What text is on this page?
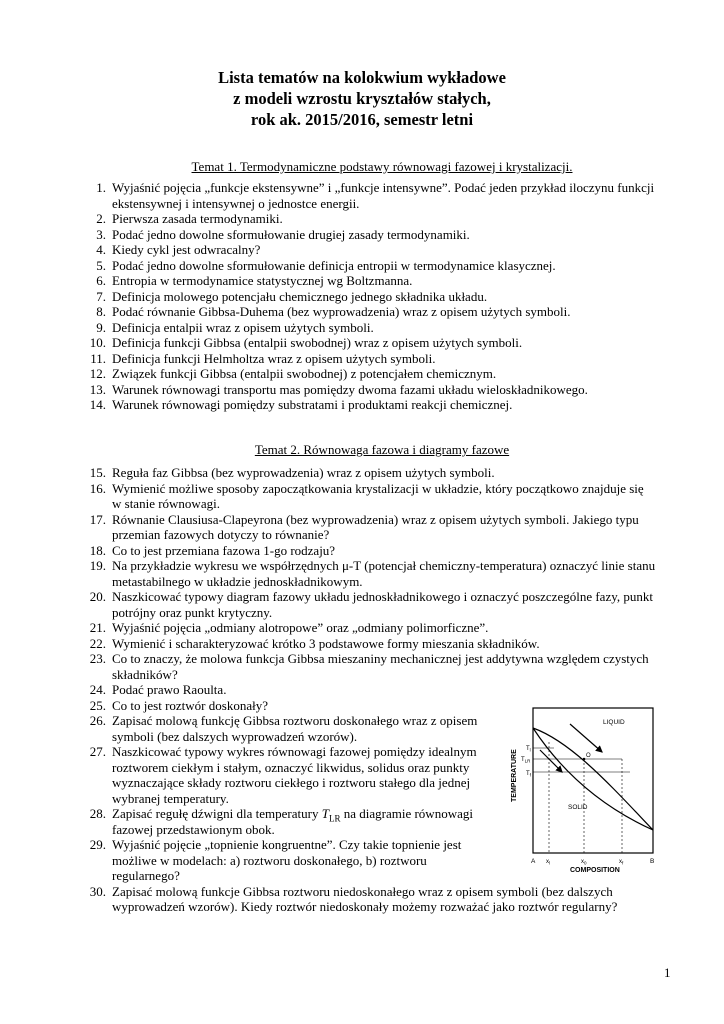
Lista tematów na kolokwium wykładowe
z modeli wzrostu kryształów stałych,
rok ak. 2015/2016, semestr letni
Temat 1. Termodynamiczne podstawy równowagi fazowej i krystalizacji.
1. Wyjaśnić pojęcia „funkcje ekstensywne” i „funkcje intensywne”. Podać jeden przykład iloczynu funkcji
ekstensywnej i intensywnej o jednostce energii.
2. Pierwsza zasada termodynamiki.
3. Podać jedno dowolne sformułowanie drugiej zasady termodynamiki.
4. Kiedy cykl jest odwracalny?
5. Podać jedno dowolne sformułowanie definicja entropii w termodynamice klasycznej.
6. Entropia w termodynamice statystycznej wg Boltzmanna.
7. Definicja molowego potencjału chemicznego jednego składnika układu.
8. Podać równanie Gibbsa-Duhema (bez wyprowadzenia) wraz z opisem użytych symboli.
9. Definicja entalpii wraz z opisem użytych symboli.
10. Definicja funkcji Gibbsa (entalpii swobodnej) wraz z opisem użytych symboli.
11. Definicja funkcji Helmholtza wraz z opisem użytych symboli.
12. Związek funkcji Gibbsa (entalpii swobodnej) z potencjałem chemicznym.
13. Warunek równowagi transportu mas pomiędzy dwoma fazami układu wieloskładnikowego.
14. Warunek równowagi pomiędzy substratami i produktami reakcji chemicznej.
Temat 2. Równowaga fazowa i diagramy fazowe
15. Reguła faz Gibbsa (bez wyprowadzenia) wraz z opisem użytych symboli.
16. Wymienić możliwe sposoby zapoczątkowania krystalizacji w układzie, który początkowo znajduje się
w stanie równowagi.
17. Równanie Clausiusa-Clapeyrona (bez wyprowadzenia) wraz z opisem użytych symboli. Jakiego typu
przemian fazowych dotyczy to równanie?
18. Co to jest przemiana fazowa 1-go rodzaju?
19. Na przykładzie wykresu we współrzędnych μ-T (potencjał chemiczny-temperatura) oznaczyć linie stanu
metastabilnego w układzie jednoskładnikowym.
20. Naszkicować typowy diagram fazowy układu jednoskładnikowego i oznaczyć poszczególne fazy, punkt
potrójny oraz punkt krytyczny.
21. Wyjaśnić pojęcia „odmiany alotropowe” oraz „odmiany polimorficzne”.
22. Wymienić i scharakteryzować krótko 3 podstawowe formy mieszania składników.
23. Co to znaczy, że molowa funkcja Gibbsa mieszaniny mechanicznej jest addytywna względem czystych
składników?
24. Podać prawo Raoulta.
25. Co to jest roztwór doskonały?
26. Zapisać molową funkcję Gibbsa roztworu doskonałego wraz z opisem
symboli (bez dalszych wyprowadzeń wzorów).
27. Naszkicować typowy wykres równowagi fazowej pomiędzy idealnym
roztworem ciekłym i stałym, oznaczyć likwidus, solidus oraz punkty
wyznaczające składy roztworu ciekłego i roztworu stałego dla jednej
wybranej temperatury.
28. Zapisać regułę dźwigni dla temperatury $T_{LR}$ na diagramie równowagi
fazowej przedstawionym obok.
29. Wyjaśnić pojęcie „topnienie kongruentne”. Czy takie topnienie jest
możliwe w modelach: a) roztworu doskonałego, b) roztworu
regularnego?
30. Zapisać molową funkcje Gibbsa roztworu niedoskonałego wraz z opisem symboli (bez dalszych
wyprowadzeń wzorów). Kiedy roztwór niedoskonały możemy rozważać jako roztwór regularny?
O
LIQUID
SOLID
$T_l$
$T_{LR}$
$T_f$
TEMPERATURE
A $x_l$	$x_0$	$x_f$	B
COMPOSITION
1
